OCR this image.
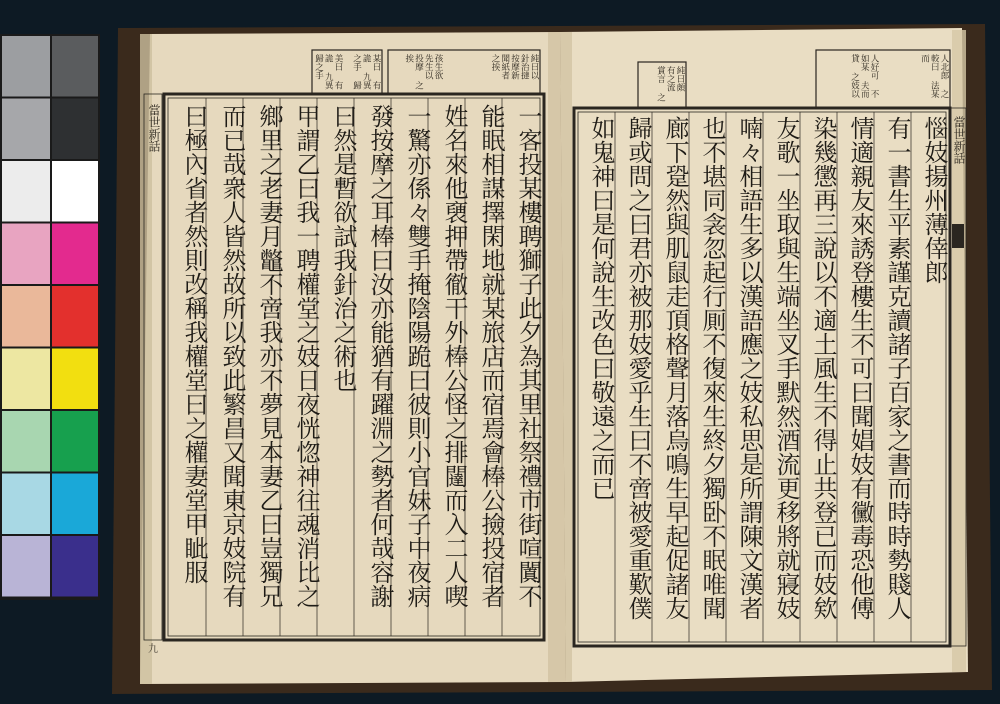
一客投某樓聘獅子此夕為其里社祭禮市街喧闐不
能眠相謀擇閑地就某旅店而宿焉會棒公撿投宿者
姓名來他褏押帶徹干外棒公怪之排闥而入二人喫
一驚亦係々雙手掩陰陽跪曰彼則小官妹子中夜病
發按摩之耳棒曰汝亦能猶有躍淵之勢者何哉容謝
曰然是暫欲試我針治之術也
甲謂乙曰我一聘權堂之妓日夜恍惚神往魂消比之
鄉里之老妻月鼈不啻我亦不夢見本妻乙曰豈獨兄
而已哉衆人皆然故所以致此繁昌又聞東京妓院有
曰極內省者然則改稱我權堂曰之權妻堂甲眦服
純曰以 針治撻 按摩新 聞紙者 之挨
孩生欲 先生以 投摩 之挨
某曰 有詭 九異 之手 歸
美曰 有詭 九異 歸之手
當世新話
九
惱妓揚州薄倖郎
有一書生平素謹克讀諸子百家之書而時時勢賤人
情適親友來誘登樓生不可曰聞娼妓有黴毒恐他傅
染幾懲再三說以不適土風生不得止共登已而妓欸
友歌一坐取與生端坐叉手默然酒流更移將就寢妓
喃々相語生多以漢語應之妓私思是所謂陳文漢者
也不堪同衾忽起行厠不復來生終夕獨卧不眠唯聞
廊下跫然與肌鼠走頂格聲月落烏鳴生早起促諸友
歸或問之曰君亦被那妓愛乎生曰不啻被愛重歎僕
如鬼神曰是何說生改色曰敬遠之而已
純曰頗 有之流 賞言 之	人好可 不如某 夫而貸 之妓以	人北郎 之較曰 法某而
當世新話
